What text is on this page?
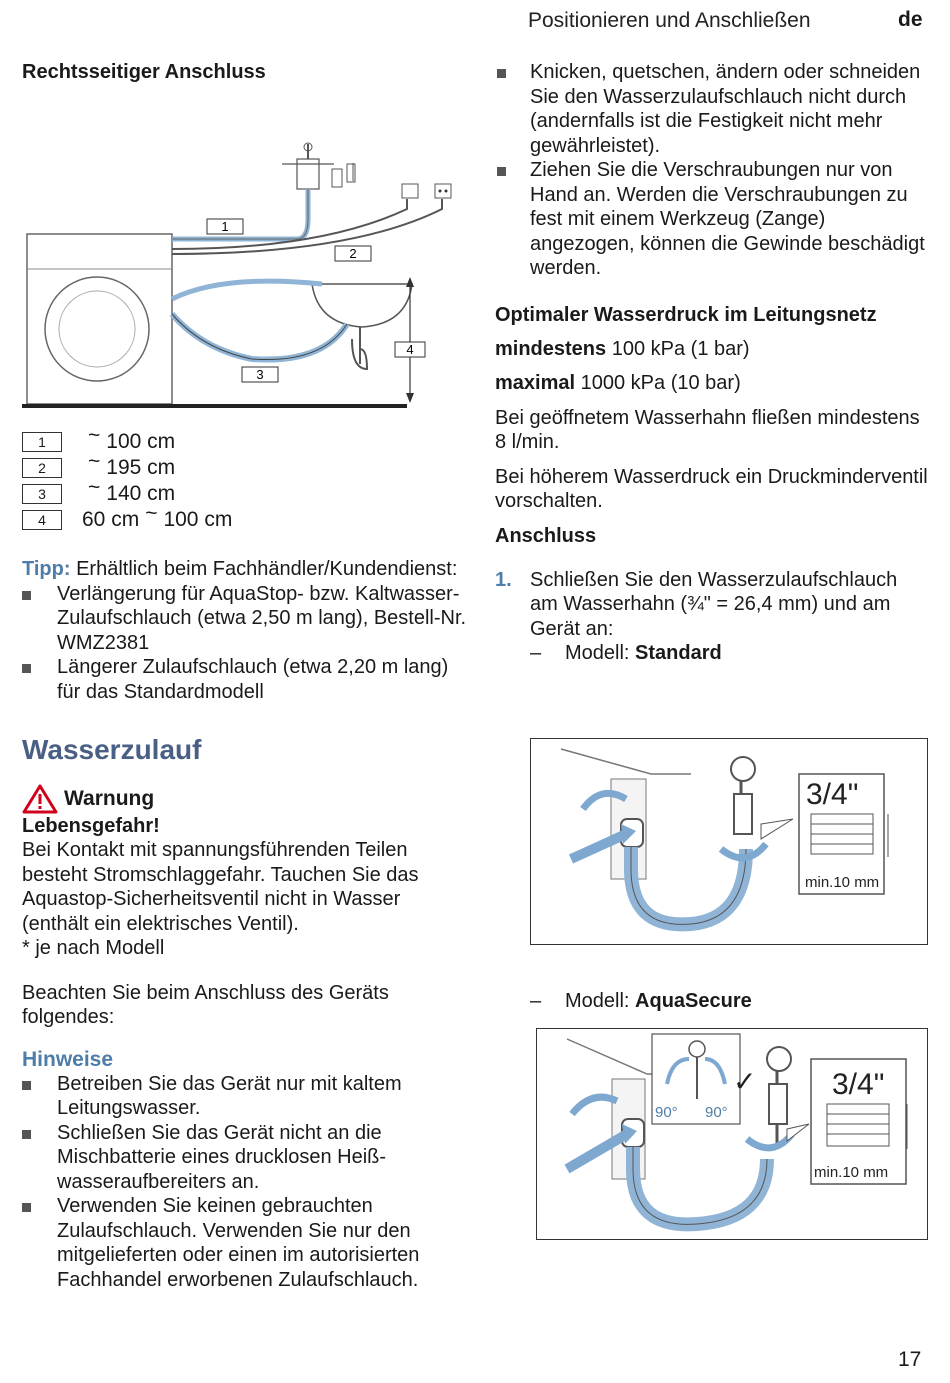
Positionieren und Anschließen	de

Rechtsseitiger Anschluss

1
2
3
4
1	~ 100 cm
2	~ 195 cm
3	~ 140 cm
4	60 cm ~ 100 cm

Tipp: Erhältlich beim Fachhändler/Kundendienst:

Verlängerung für AquaStop- bzw. Kaltwasser-Zulaufschlauch (etwa 2,50 m lang), Bestell-Nr. WMZ2381
Längerer Zulaufschlauch (etwa 2,20 m lang) für das Standardmodell
Wasserzulauf
Warnung

Lebensgefahr!

Bei Kontakt mit spannungsführenden Teilen besteht Stromschlaggefahr. Tauchen Sie das Aquastop-Sicherheitsventil nicht in Wasser (enthält ein elektrisches Ventil).

* je nach Modell

Beachten Sie beim Anschluss des Geräts folgendes:

Hinweise
Betreiben Sie das Gerät nur mit kaltem Leitungswasser.
Schließen Sie das Gerät nicht an die Mischbatterie eines drucklosen Heißwasseraufbereiters an.
Verwenden Sie keinen gebrauchten Zulaufschlauch. Verwenden Sie nur den mitgelieferten oder einen im autorisierten Fachhandel erworbenen Zulaufschlauch.
Knicken, quetschen, ändern oder schneiden Sie den Wasserzulaufschlauch nicht durch (andernfalls ist die Festigkeit nicht mehr gewährleistet).
Ziehen Sie die Verschraubungen nur von Hand an. Werden die Verschraubungen zu fest mit einem Werkzeug (Zange) angezogen, können die Gewinde beschädigt werden.

Optimaler Wasserdruck im Leitungsnetz

mindestens 100 kPa (1 bar)

maximal 1000 kPa (10 bar)

Bei geöffnetem Wasserhahn fließen mindestens 8 l/min.

Bei höherem Wasserdruck ein Druckminderventil vorschalten.

Anschluss

1. Schließen Sie den Wasserzulaufschlauch am Wasserhahn (¾" = 26,4 mm) und am Gerät an:
– Modell: Standard
3/4"
min.10 mm
– Modell: AquaSecure
90° 90°
✓	3/4"
min.10 mm
17
